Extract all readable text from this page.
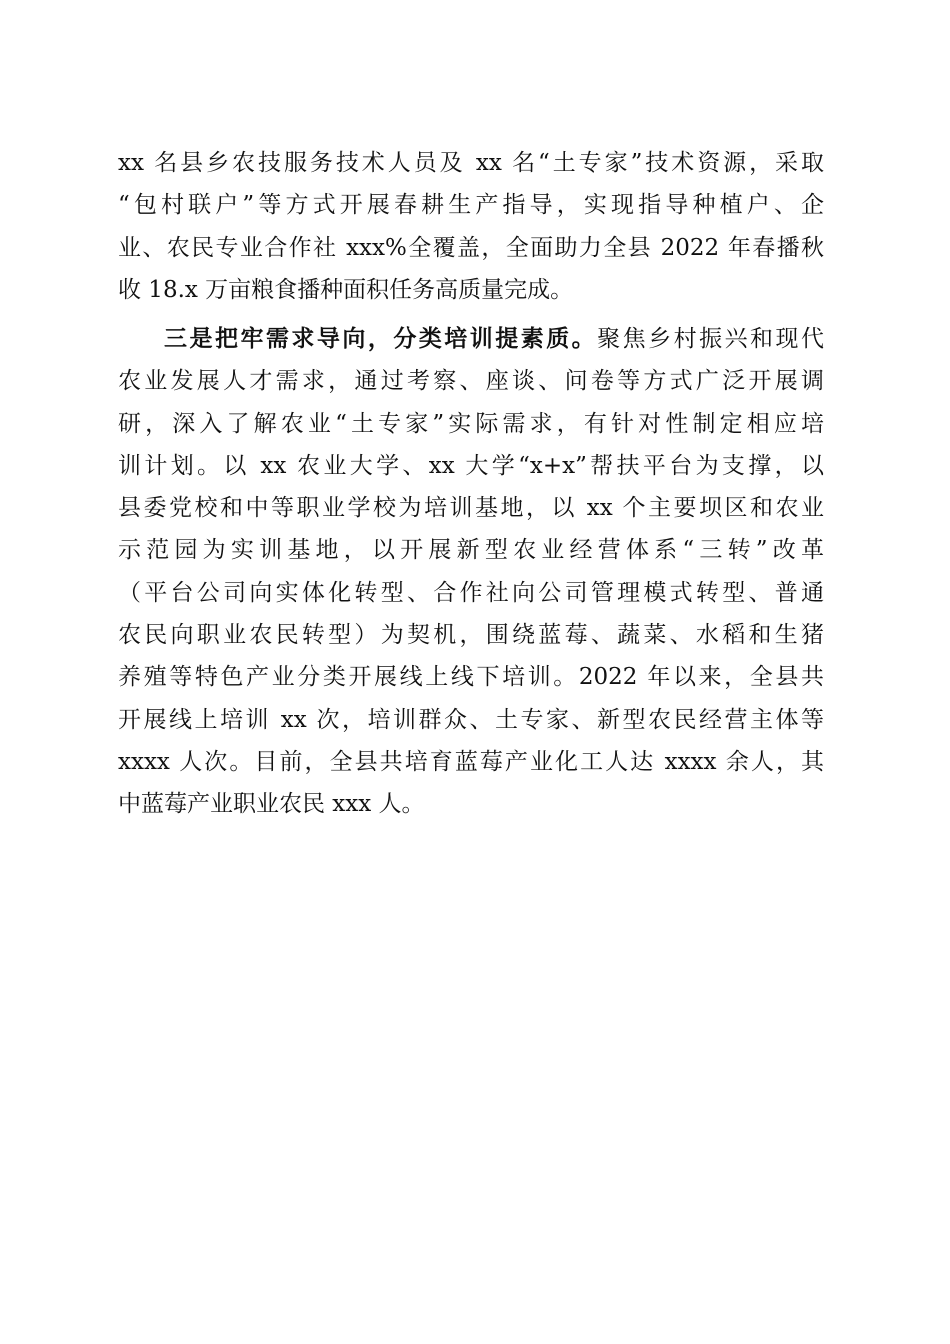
xx 名县乡农技服务技术人员及 xx 名“土专家”技术资源，采取
“包村联户”等方式开展春耕生产指导，实现指导种植户、企
业、农民专业合作社 xxx%全覆盖，全面助力全县 2022 年春播秋
收 18.x 万亩粮食播种面积任务高质量完成。
三是把牢需求导向，分类培训提素质。聚焦乡村振兴和现代
农业发展人才需求，通过考察、座谈、问卷等方式广泛开展调
研，深入了解农业“土专家”实际需求，有针对性制定相应培
训计划。以 xx 农业大学、xx 大学“x+x”帮扶平台为支撑，以
县委党校和中等职业学校为培训基地，以 xx 个主要坝区和农业
示范园为实训基地，以开展新型农业经营体系“三转”改革
（平台公司向实体化转型、合作社向公司管理模式转型、普通
农民向职业农民转型）为契机，围绕蓝莓、蔬菜、水稻和生猪
养殖等特色产业分类开展线上线下培训。2022 年以来，全县共
开展线上培训 xx 次，培训群众、土专家、新型农民经营主体等
xxxx 人次。目前，全县共培育蓝莓产业化工人达 xxxx 余人，其
中蓝莓产业职业农民 xxx 人。
